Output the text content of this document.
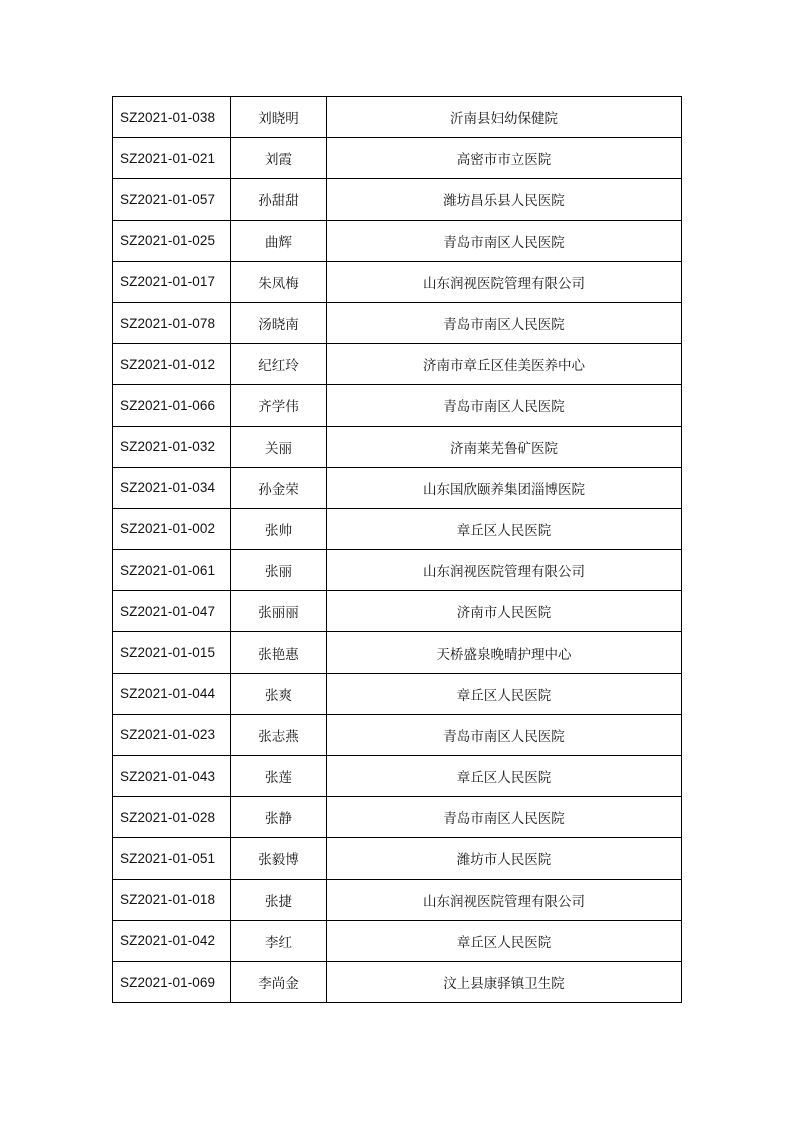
SZ2021-01-038	刘晓明	沂南县妇幼保健院
SZ2021-01-021	刘霞	高密市市立医院
SZ2021-01-057	孙甜甜	潍坊昌乐县人民医院
SZ2021-01-025	曲辉	青岛市南区人民医院
SZ2021-01-017	朱凤梅	山东润视医院管理有限公司
SZ2021-01-078	汤晓南	青岛市南区人民医院
SZ2021-01-012	纪红玲	济南市章丘区佳美医养中心
SZ2021-01-066	齐学伟	青岛市南区人民医院
SZ2021-01-032	关丽	济南莱芜鲁矿医院
SZ2021-01-034	孙金荣	山东国欣颐养集团淄博医院
SZ2021-01-002	张帅	章丘区人民医院
SZ2021-01-061	张丽	山东润视医院管理有限公司
SZ2021-01-047	张丽丽	济南市人民医院
SZ2021-01-015	张艳惠	天桥盛泉晚晴护理中心
SZ2021-01-044	张爽	章丘区人民医院
SZ2021-01-023	张志燕	青岛市南区人民医院
SZ2021-01-043	张莲	章丘区人民医院
SZ2021-01-028	张静	青岛市南区人民医院
SZ2021-01-051	张毅博	潍坊市人民医院
SZ2021-01-018	张捷	山东润视医院管理有限公司
SZ2021-01-042	李红	章丘区人民医院
SZ2021-01-069	李尚金	汶上县康驿镇卫生院
